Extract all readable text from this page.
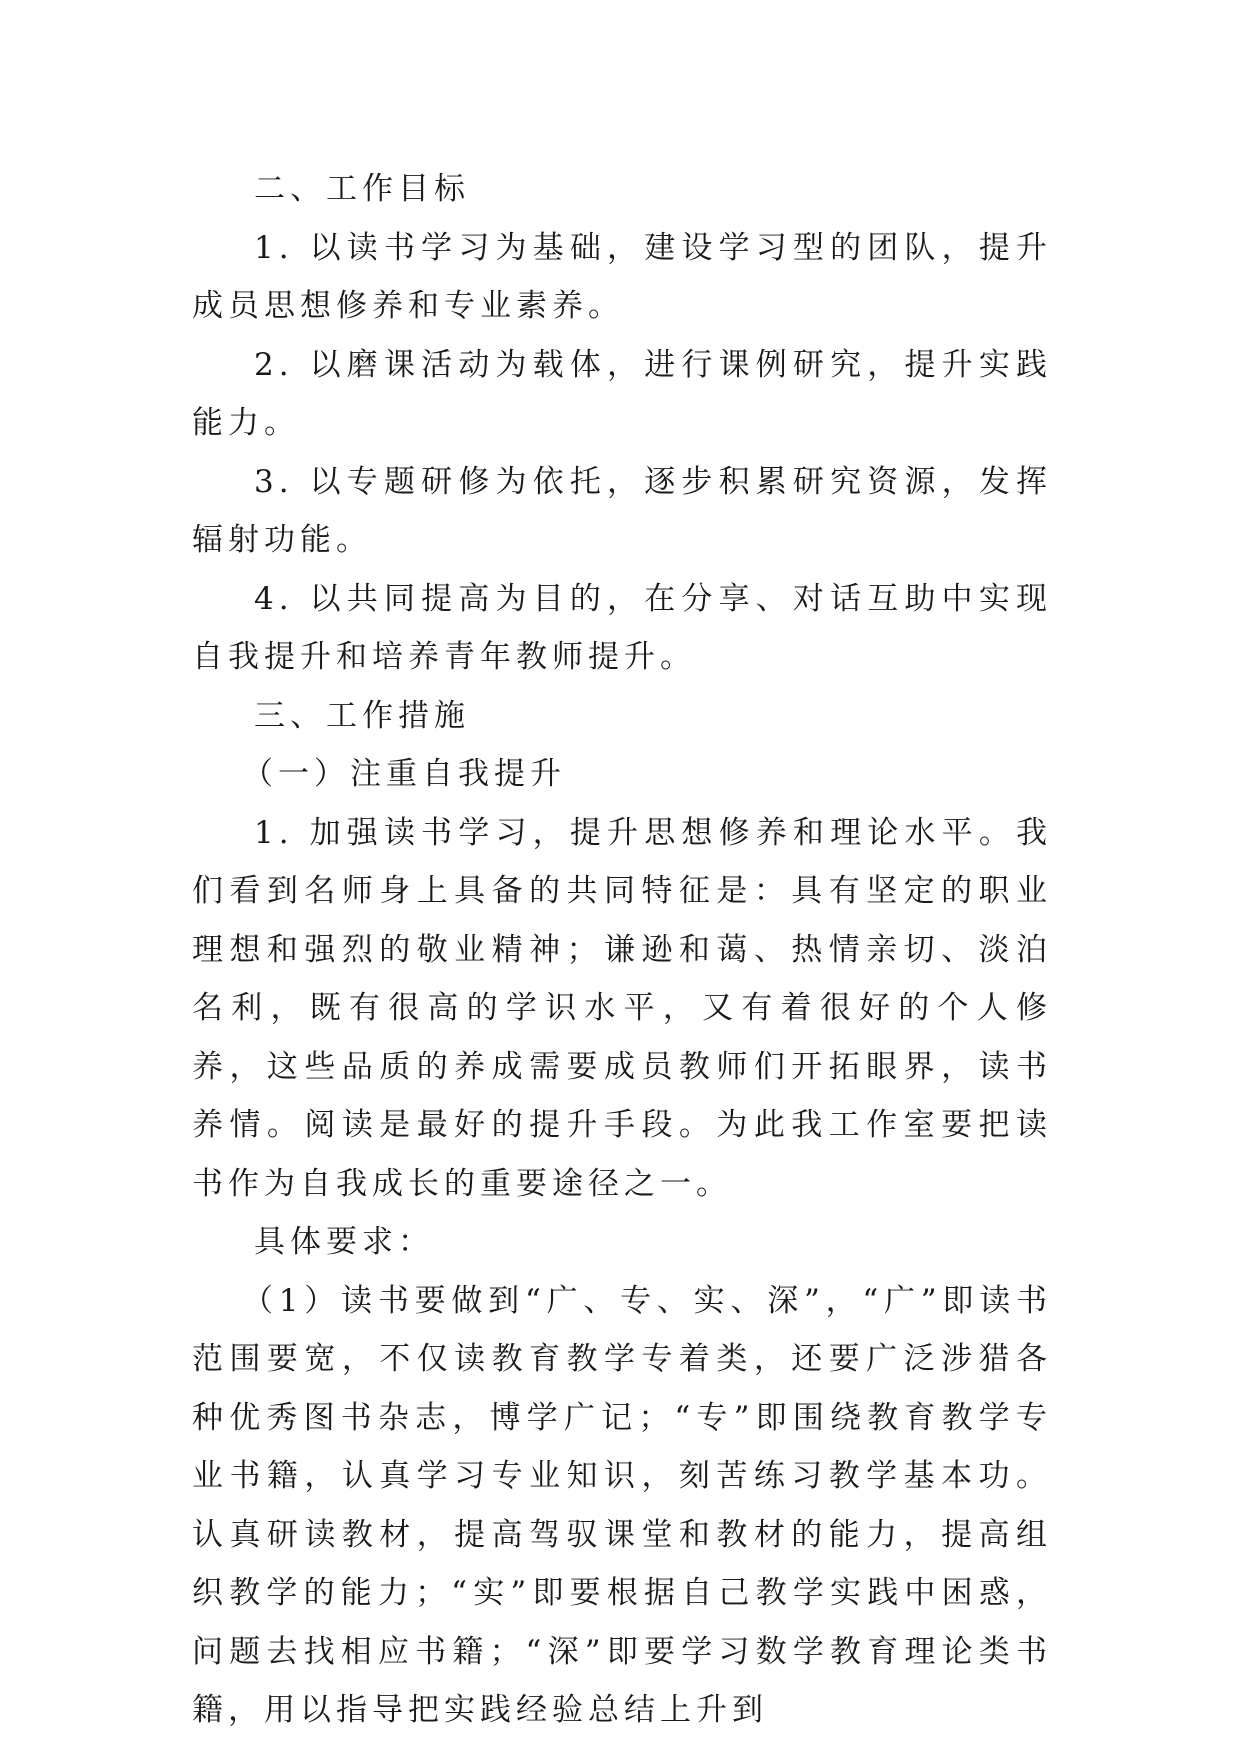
二、工作目标

1. 以读书学习为基础，建设学习型的团队，提升成员思想修养和专业素养。

2. 以磨课活动为载体，进行课例研究，提升实践能力。

3. 以专题研修为依托，逐步积累研究资源，发挥辐射功能。

4. 以共同提高为目的，在分享、对话互助中实现自我提升和培养青年教师提升。

三、工作措施

（一）注重自我提升

1. 加强读书学习，提升思想修养和理论水平。我们看到名师身上具备的共同特征是：具有坚定的职业理想和强烈的敬业精神；谦逊和蔼、热情亲切、淡泊名利，既有很高的学识水平，又有着很好的个人修养，这些品质的养成需要成员教师们开拓眼界，读书养情。阅读是最好的提升手段。为此我工作室要把读书作为自我成长的重要途径之一。

具体要求：

（1）读书要做到“广、专、实、深”，“广”即读书范围要宽，不仅读教育教学专着类，还要广泛涉猎各种优秀图书杂志，博学广记；“专”即围绕教育教学专业书籍，认真学习专业知识，刻苦练习教学基本功。认真研读教材，提高驾驭课堂和教材的能力，提高组织教学的能力；“实”即要根据自己教学实践中困惑，问题去找相应书籍；“深”即要学习数学教育理论类书籍，用以指导把实践经验总结上升到
